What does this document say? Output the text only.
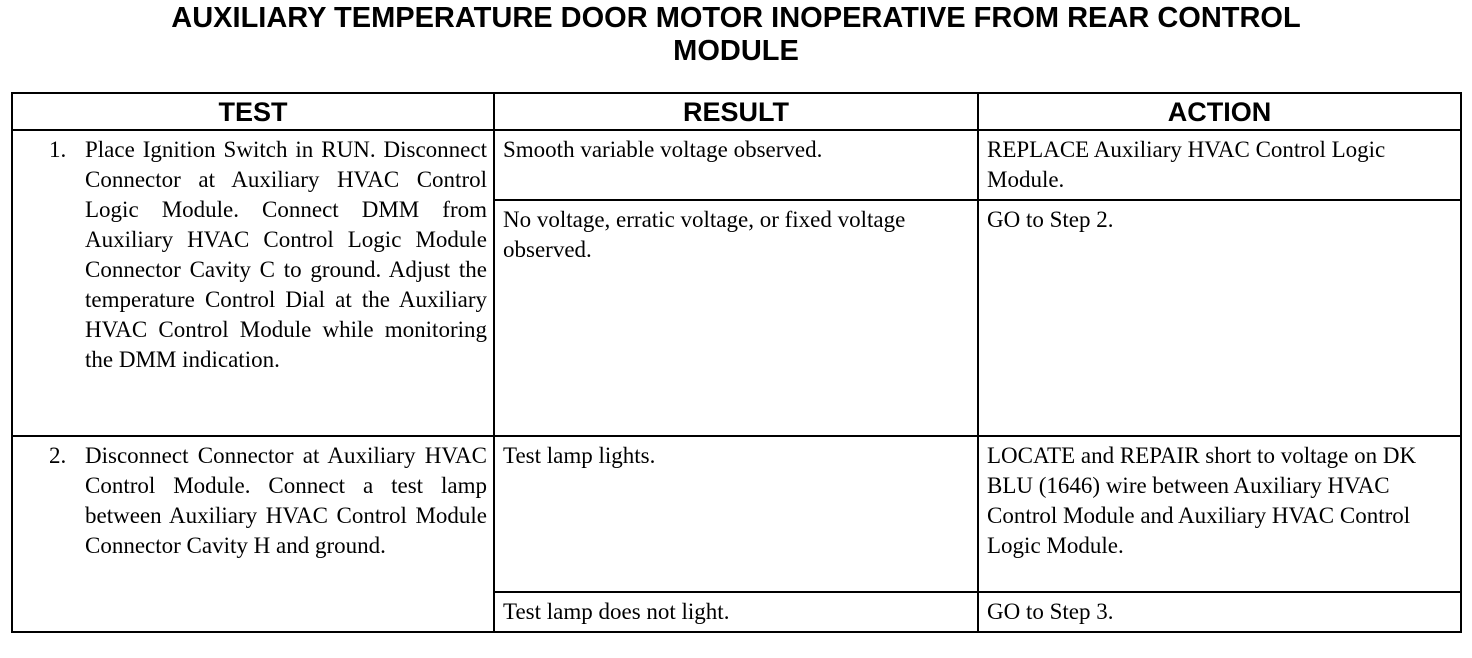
AUXILIARY TEMPERATURE DOOR MOTOR INOPERATIVE FROM REAR CONTROL
MODULE
TEST	RESULT	ACTION

1. Place Ignition Switch in RUN. Disconnect Connector at Auxiliary HVAC Control Logic Module. Connect DMM from Auxiliary HVAC Control Logic Module Connector Cavity C to ground. Adjust the temperature Control Dial at the Auxiliary HVAC Control Module while monitoring the DMM indication.	Smooth variable voltage observed.	REPLACE Auxiliary HVAC Control Logic Module.
	No voltage, erratic voltage, or fixed voltage observed.	GO to Step 2.

2. Disconnect Connector at Auxiliary HVAC Control Module. Connect a test lamp between Auxiliary HVAC Control Module Connector Cavity H and ground.	Test lamp lights.	LOCATE and REPAIR short to voltage on DK BLU (1646) wire between Auxiliary HVAC Control Module and Auxiliary HVAC Control Logic Module.
	Test lamp does not light.	GO to Step 3.
